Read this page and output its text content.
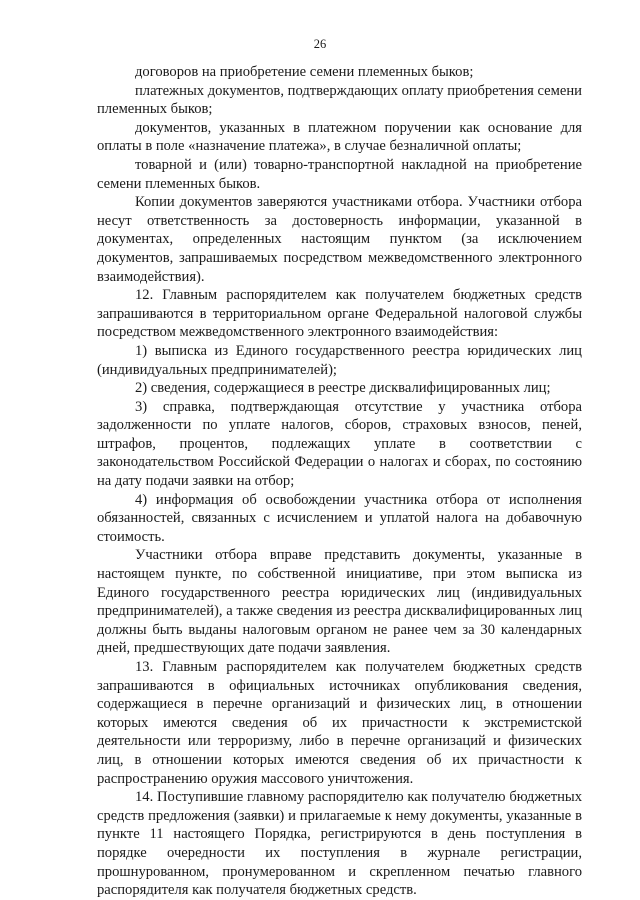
26

договоров на приобретение семени племенных быков;

платежных документов, подтверждающих оплату приобретения семени племенных быков;

документов, указанных в платежном поручении как основание для оплаты в поле «назначение платежа», в случае безналичной оплаты;

товарной и (или) товарно-транспортной накладной на приобретение семени племенных быков.

Копии документов заверяются участниками отбора. Участники отбора несут ответственность за достоверность информации, указанной в документах, определенных настоящим пунктом (за исключением документов, запрашиваемых посредством межведомственного электронного взаимодействия).

12. Главным распорядителем как получателем бюджетных средств запрашиваются в территориальном органе Федеральной налоговой службы посредством межведомственного электронного взаимодействия:

1) выписка из Единого государственного реестра юридических лиц (индивидуальных предпринимателей);

2) сведения, содержащиеся в реестре дисквалифицированных лиц;

3) справка, подтверждающая отсутствие у участника отбора задолженности по уплате налогов, сборов, страховых взносов, пеней, штрафов, процентов, подлежащих уплате в соответствии с законодательством Российской Федерации о налогах и сборах, по состоянию на дату подачи заявки на отбор;

4) информация об освобождении участника отбора от исполнения обязанностей, связанных с исчислением и уплатой налога на добавочную стоимость.

Участники отбора вправе представить документы, указанные в настоящем пункте, по собственной инициативе, при этом выписка из Единого государственного реестра юридических лиц (индивидуальных предпринимателей), а также сведения из реестра дисквалифицированных лиц должны быть выданы налоговым органом не ранее чем за 30 календарных дней, предшествующих дате подачи заявления.

13. Главным распорядителем как получателем бюджетных средств запрашиваются в официальных источниках опубликования сведения, содержащиеся в перечне организаций и физических лиц, в отношении которых имеются сведения об их причастности к экстремистской деятельности или терроризму, либо в перечне организаций и физических лиц, в отношении которых имеются сведения об их причастности к распространению оружия массового уничтожения.

14. Поступившие главному распорядителю как получателю бюджетных средств предложения (заявки) и прилагаемые к нему документы, указанные в пункте 11 настоящего Порядка, регистрируются в день поступления в порядке очередности их поступления в журнале регистрации, прошнурованном, пронумерованном и скрепленном печатью главного распорядителя как получателя бюджетных средств.
